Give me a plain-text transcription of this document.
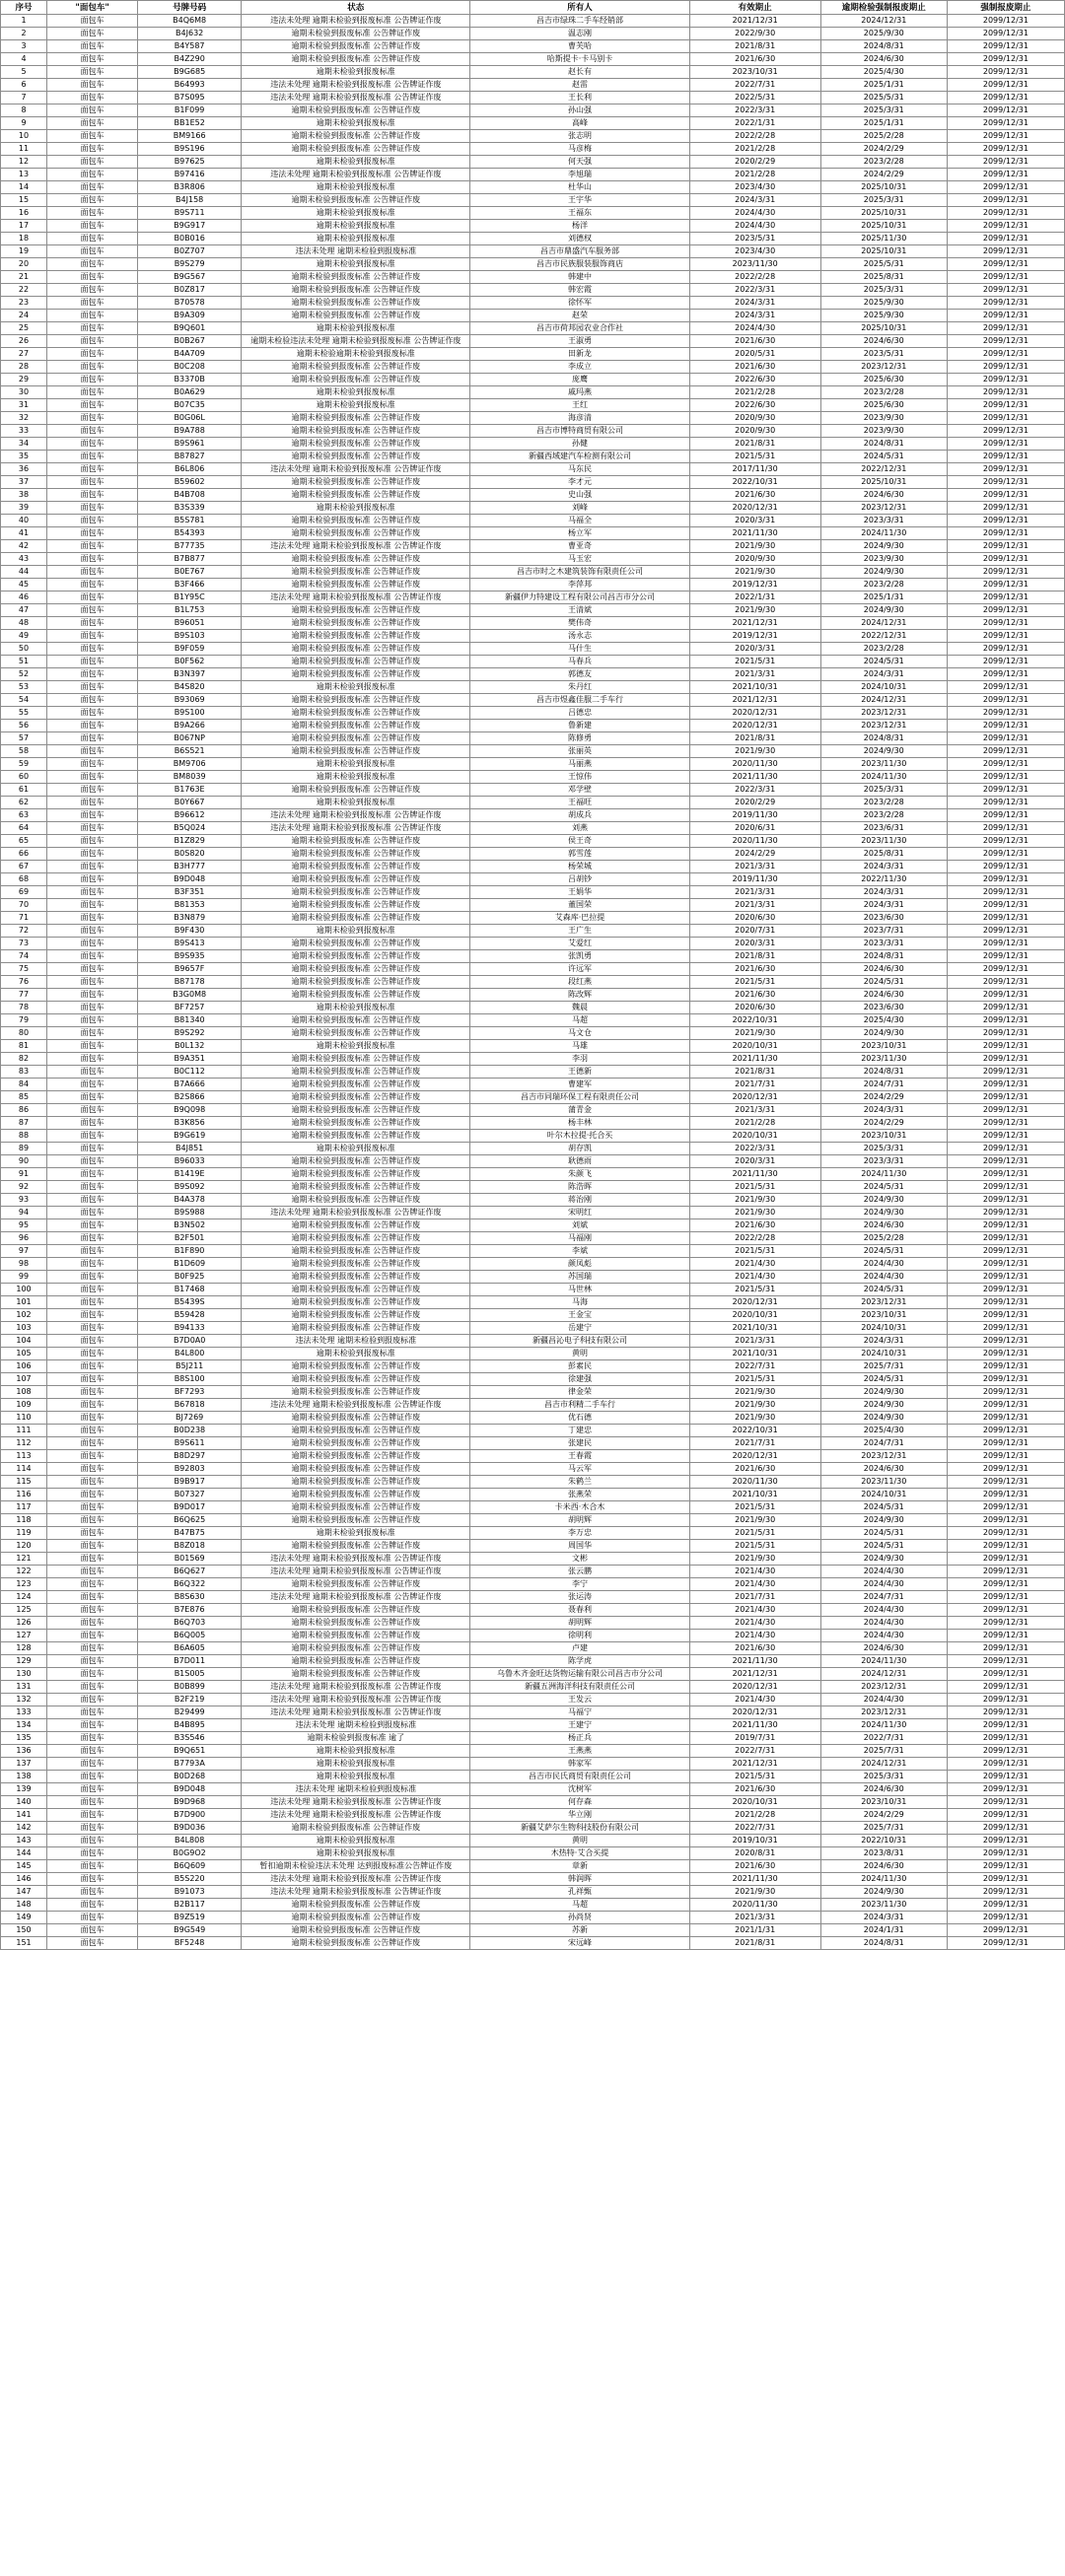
序号	"面包车"	号牌号码	状态	所有人	有效期止	逾期检验强制报废期止	强制报废期止
1	面包车	B4Q6M8	违法未处理 逾期未检验到报废标准 公告牌证作废	昌吉市绿珠二手车经销部	2021/12/31	2024/12/31	2099/12/31
2	面包车	B4J632	逾期未检验到报废标准 公告牌证作废	温志刚	2022/9/30	2025/9/30	2099/12/31
3	面包车	B4Y587	逾期未检验到报废标准 公告牌证作废	曹芙哈	2021/8/31	2024/8/31	2099/12/31
4	面包车	B4Z290	逾期未检验到报废标准 公告牌证作废	哈斯提卡·卡马别卡	2021/6/30	2024/6/30	2099/12/31
5	面包车	B9G685	逾期未检验到报废标准	赵长有	2023/10/31	2025/4/30	2099/12/31
6	面包车	B64993	违法未处理 逾期未检验到报废标准 公告牌证作废	赵雷	2022/7/31	2025/1/31	2099/12/31
7	面包车	B7S095	违法未处理 逾期未检验到报废标准 公告牌证作废	王长利	2022/5/31	2025/5/31	2099/12/31
8	面包车	B1F099	逾期未检验到报废标准 公告牌证作废	孙山强	2022/3/31	2025/3/31	2099/12/31
9	面包车	BB1E52	逾期未检验到报废标准	高峰	2022/1/31	2025/1/31	2099/12/31
10	面包车	BM9166	逾期未检验到报废标准 公告牌证作废	张志明	2022/2/28	2025/2/28	2099/12/31
11	面包车	B9S196	逾期未检验到报废标准 公告牌证作废	马彦梅	2021/2/28	2024/2/29	2099/12/31
12	面包车	B97625	逾期未检验到报废标准	何天强	2020/2/29	2023/2/28	2099/12/31
13	面包车	B97416	违法未处理 逾期未检验到报废标准 公告牌证作废	李旭瑞	2021/2/28	2024/2/29	2099/12/31
14	面包车	B3R806	逾期未检验到报废标准	杜华山	2023/4/30	2025/10/31	2099/12/31
15	面包车	B4J158	逾期未检验到报废标准 公告牌证作废	王宇华	2024/3/31	2025/3/31	2099/12/31
16	面包车	B9S711	逾期未检验到报废标准	王福东	2024/4/30	2025/10/31	2099/12/31
17	面包车	B9G917	逾期未检验到报废标准	杨洋	2024/4/30	2025/10/31	2099/12/31
18	面包车	B0B016	逾期未检验到报废标准	刘德权	2023/5/31	2025/11/30	2099/12/31
19	面包车	B0Z707	违法未处理 逾期未检验到报废标准	昌吉市鼎盛汽车服务部	2023/4/30	2025/10/31	2099/12/31
20	面包车	B9S279	逾期未检验到报废标准	昌吉市民族服装服饰商店	2023/11/30	2025/5/31	2099/12/31
21	面包车	B9G567	逾期未检验到报废标准 公告牌证作废	韩建中	2022/2/28	2025/8/31	2099/12/31
22	面包车	B0Z817	逾期未检验到报废标准 公告牌证作废	韩宏霞	2022/3/31	2025/3/31	2099/12/31
23	面包车	B70578	逾期未检验到报废标准 公告牌证作废	徐怀军	2024/3/31	2025/9/30	2099/12/31
24	面包车	B9A309	逾期未检验到报废标准 公告牌证作废	赵荣	2024/3/31	2025/9/30	2099/12/31
25	面包车	B9Q601	逾期未检验到报废标准	昌吉市荷邦园农业合作社	2024/4/30	2025/10/31	2099/12/31
26	面包车	B0B267	逾期未检验违法未处理 逾期未检验到报废标准 公告牌证作废	王淑勇	2021/6/30	2024/6/30	2099/12/31
27	面包车	B4A709	逾期未检验逾期未检验到报废标准	田新龙	2020/5/31	2023/5/31	2099/12/31
28	面包车	B0C208	逾期未检验到报废标准 公告牌证作废	李成立	2021/6/30	2023/12/31	2099/12/31
29	面包车	B3370B	逾期未检验到报废标准 公告牌证作废	庞鹰	2022/6/30	2025/6/30	2099/12/31
30	面包车	B0A629	逾期未检验到报废标准	戚玛燕	2021/2/28	2023/2/28	2099/12/31
31	面包车	B07C35	逾期未检验到报废标准	王红	2022/6/30	2025/6/30	2099/12/31
32	面包车	B0G06L	逾期未检验到报废标准 公告牌证作废	海彦清	2020/9/30	2023/9/30	2099/12/31
33	面包车	B9A788	逾期未检验到报废标准 公告牌证作废	昌吉市博特商贸有限公司	2020/9/30	2023/9/30	2099/12/31
34	面包车	B9S961	逾期未检验到报废标准 公告牌证作废	孙健	2021/8/31	2024/8/31	2099/12/31
35	面包车	B87827	逾期未检验到报废标准 公告牌证作废	新疆西域建汽车检测有限公司	2021/5/31	2024/5/31	2099/12/31
36	面包车	B6L806	违法未处理 逾期未检验到报废标准 公告牌证作废	马东民	2017/11/30	2022/12/31	2099/12/31
37	面包车	B59602	逾期未检验到报废标准 公告牌证作废	李才元	2022/10/31	2025/10/31	2099/12/31
38	面包车	B4B708	逾期未检验到报废标准 公告牌证作废	史山强	2021/6/30	2024/6/30	2099/12/31
39	面包车	B3S339	逾期未检验到报废标准	刘峰	2020/12/31	2023/12/31	2099/12/31
40	面包车	B5S781	逾期未检验到报废标准 公告牌证作废	马福全	2020/3/31	2023/3/31	2099/12/31
41	面包车	B54393	逾期未检验到报废标准 公告牌证作废	杨立军	2021/11/30	2024/11/30	2099/12/31
42	面包车	B77735	违法未处理 逾期未检验到报废标准 公告牌证作废	曹亚奇	2021/9/30	2024/9/30	2099/12/31
43	面包车	B7B877	逾期未检验到报废标准 公告牌证作废	马玉宏	2020/9/30	2023/9/30	2099/12/31
44	面包车	B0E767	逾期未检验到报废标准 公告牌证作废	昌吉市时之木建筑装饰有限责任公司	2021/9/30	2024/9/30	2099/12/31
45	面包车	B3F466	逾期未检验到报废标准 公告牌证作废	李萍邦	2019/12/31	2023/2/28	2099/12/31
46	面包车	B1Y95C	违法未处理 逾期未检验到报废标准 公告牌证作废	新疆伊力特建设工程有限公司昌吉市分公司	2022/1/31	2025/1/31	2099/12/31
47	面包车	B1L753	逾期未检验到报废标准 公告牌证作废	王清斌	2021/9/30	2024/9/30	2099/12/31
48	面包车	B96051	逾期未检验到报废标准 公告牌证作废	樊伟奇	2021/12/31	2024/12/31	2099/12/31
49	面包车	B9S103	逾期未检验到报废标准 公告牌证作废	汤永志	2019/12/31	2022/12/31	2099/12/31
50	面包车	B9F059	逾期未检验到报废标准 公告牌证作废	马什生	2020/3/31	2023/2/28	2099/12/31
51	面包车	B0F562	逾期未检验到报废标准 公告牌证作废	马春兵	2021/5/31	2024/5/31	2099/12/31
52	面包车	B3N397	逾期未检验到报废标准 公告牌证作废	郭德友	2021/3/31	2024/3/31	2099/12/31
53	面包车	B4S820	逾期未检验到报废标准	朱丹红	2021/10/31	2024/10/31	2099/12/31
54	面包车	B93069	逾期未检验到报废标准 公告牌证作废	昌吉市煜鑫佳服二手车行	2021/12/31	2024/12/31	2099/12/31
55	面包车	B9S100	逾期未检验到报废标准 公告牌证作废	吕德忠	2020/12/31	2023/12/31	2099/12/31
56	面包车	B9A266	逾期未检验到报废标准 公告牌证作废	鲁新建	2020/12/31	2023/12/31	2099/12/31
57	面包车	B067NP	逾期未检验到报废标准 公告牌证作废	陈修勇	2021/8/31	2024/8/31	2099/12/31
58	面包车	B6S521	逾期未检验到报废标准 公告牌证作废	张丽英	2021/9/30	2024/9/30	2099/12/31
59	面包车	BM9706	逾期未检验到报废标准	马丽燕	2020/11/30	2023/11/30	2099/12/31
60	面包车	BM8039	逾期未检验到报废标准	王惊伟	2021/11/30	2024/11/30	2099/12/31
61	面包车	B1763E	逾期未检验到报废标准 公告牌证作废	邓学壁	2022/3/31	2025/3/31	2099/12/31
62	面包车	B0Y667	逾期未检验到报废标准	王福旺	2020/2/29	2023/2/28	2099/12/31
63	面包车	B96612	违法未处理 逾期未检验到报废标准 公告牌证作废	胡成兵	2019/11/30	2023/2/28	2099/12/31
64	面包车	B5Q024	违法未处理 逾期未检验到报废标准 公告牌证作废	刘燕	2020/6/31	2023/6/31	2099/12/31
65	面包车	B1Z829	逾期未检验到报废标准 公告牌证作废	侯王奇	2020/11/30	2023/11/30	2099/12/31
66	面包车	B0S820	逾期未检验到报废标准 公告牌证作废	郭雪莲	2024/2/29	2025/8/31	2099/12/31
67	面包车	B3H777	逾期未检验到报废标准 公告牌证作废	杨荣城	2021/3/31	2024/3/31	2099/12/31
68	面包车	B9D048	逾期未检验到报废标准 公告牌证作废	吕胡钞	2019/11/30	2022/11/30	2099/12/31
69	面包车	B3F351	逾期未检验到报废标准 公告牌证作废	王娟华	2021/3/31	2024/3/31	2099/12/31
70	面包车	B81353	逾期未检验到报废标准 公告牌证作废	董国荣	2021/3/31	2024/3/31	2099/12/31
71	面包车	B3N879	逾期未检验到报废标准 公告牌证作废	艾森库·巴拉提	2020/6/30	2023/6/30	2099/12/31
72	面包车	B9F430	逾期未检验到报废标准	王广生	2020/7/31	2023/7/31	2099/12/31
73	面包车	B9S413	逾期未检验到报废标准 公告牌证作废	艾爱红	2020/3/31	2023/3/31	2099/12/31
74	面包车	B9S935	逾期未检验到报废标准 公告牌证作废	张凯勇	2021/8/31	2024/8/31	2099/12/31
75	面包车	B9657F	逾期未检验到报废标准 公告牌证作废	许远军	2021/6/30	2024/6/30	2099/12/31
76	面包车	B87178	逾期未检验到报废标准 公告牌证作废	段红燕	2021/5/31	2024/5/31	2099/12/31
77	面包车	B3G0M8	逾期未检验到报废标准 公告牌证作废	陈改辉	2021/6/30	2024/6/30	2099/12/31
78	面包车	BF7257	逾期未检验到报废标准	魏晨	2020/6/30	2023/6/30	2099/12/31
79	面包车	B81340	逾期未检验到报废标准 公告牌证作废	马超	2022/10/31	2025/4/30	2099/12/31
80	面包车	B9S292	逾期未检验到报废标准 公告牌证作废	马文仓	2021/9/30	2024/9/30	2099/12/31
81	面包车	B0L132	逾期未检验到报废标准	马雄	2020/10/31	2023/10/31	2099/12/31
82	面包车	B9A351	逾期未检验到报废标准 公告牌证作废	李羽	2021/11/30	2023/11/30	2099/12/31
83	面包车	B0C112	逾期未检验到报废标准 公告牌证作废	王德新	2021/8/31	2024/8/31	2099/12/31
84	面包车	B7A666	逾期未检验到报废标准 公告牌证作废	曹建军	2021/7/31	2024/7/31	2099/12/31
85	面包车	B2S866	逾期未检验到报废标准 公告牌证作废	昌吉市同瑞环保工程有限责任公司	2020/12/31	2024/2/29	2099/12/31
86	面包车	B9Q098	逾期未检验到报废标准 公告牌证作废	蒲青金	2021/3/31	2024/3/31	2099/12/31
87	面包车	B3K856	逾期未检验到报废标准 公告牌证作废	杨丰林	2021/2/28	2024/2/29	2099/12/31
88	面包车	B9G619	逾期未检验到报废标准 公告牌证作废	叶尔木拉提·托合买	2020/10/31	2023/10/31	2099/12/31
89	面包车	B4J851	逾期未检验到报废标准	胡存凯	2022/3/31	2025/3/31	2099/12/31
90	面包车	B96033	逾期未检验到报废标准 公告牌证作废	耿德雨	2020/3/31	2023/3/31	2099/12/31
91	面包车	B1419E	逾期未检验到报废标准 公告牌证作废	朱颜飞	2021/11/30	2024/11/30	2099/12/31
92	面包车	B9S092	逾期未检验到报废标准 公告牌证作废	陈浩晖	2021/5/31	2024/5/31	2099/12/31
93	面包车	B4A378	逾期未检验到报废标准 公告牌证作废	蒋治刚	2021/9/30	2024/9/30	2099/12/31
94	面包车	B9S988	违法未处理 逾期未检验到报废标准 公告牌证作废	宋明红	2021/9/30	2024/9/30	2099/12/31
95	面包车	B3N502	逾期未检验到报废标准 公告牌证作废	刘斌	2021/6/30	2024/6/30	2099/12/31
96	面包车	B2F501	逾期未检验到报废标准 公告牌证作废	马福刚	2022/2/28	2025/2/28	2099/12/31
97	面包车	B1F890	逾期未检验到报废标准 公告牌证作废	李斌	2021/5/31	2024/5/31	2099/12/31
98	面包车	B1D609	逾期未检验到报废标准 公告牌证作废	颜凤彪	2021/4/30	2024/4/30	2099/12/31
99	面包车	B0F925	逾期未检验到报废标准 公告牌证作废	苏国瑞	2021/4/30	2024/4/30	2099/12/31
100	面包车	B17468	逾期未检验到报废标准 公告牌证作废	马世林	2021/5/31	2024/5/31	2099/12/31
101	面包车	B5439S	逾期未检验到报废标准 公告牌证作废	马海	2020/12/31	2023/12/31	2099/12/31
102	面包车	B59428	逾期未检验到报废标准 公告牌证作废	王金宝	2020/10/31	2023/10/31	2099/12/31
103	面包车	B94133	逾期未检验到报废标准 公告牌证作废	岳建宁	2021/10/31	2024/10/31	2099/12/31
104	面包车	B7D0A0	违法未处理 逾期未检验到报废标准	新疆昌沁电子科技有限公司	2021/3/31	2024/3/31	2099/12/31
105	面包车	B4L800	逾期未检验到报废标准	黄明	2021/10/31	2024/10/31	2099/12/31
106	面包车	B5J211	逾期未检验到报废标准 公告牌证作废	彭素民	2022/7/31	2025/7/31	2099/12/31
107	面包车	B8S100	逾期未检验到报废标准 公告牌证作废	徐建强	2021/5/31	2024/5/31	2099/12/31
108	面包车	BF7293	逾期未检验到报废标准 公告牌证作废	律金荣	2021/9/30	2024/9/30	2099/12/31
109	面包车	B67818	违法未处理 逾期未检验到报废标准 公告牌证作废	昌吉市利精二手车行	2021/9/30	2024/9/30	2099/12/31
110	面包车	BJ7269	逾期未检验到报废标准 公告牌证作废	优石德	2021/9/30	2024/9/30	2099/12/31
111	面包车	B0D238	逾期未检验到报废标准 公告牌证作废	丁建忠	2022/10/31	2025/4/30	2099/12/31
112	面包车	B9S611	逾期未检验到报废标准 公告牌证作废	张建民	2021/7/31	2024/7/31	2099/12/31
113	面包车	B8D297	逾期未检验到报废标准 公告牌证作废	王春霞	2020/12/31	2023/12/31	2099/12/31
114	面包车	B92803	逾期未检验到报废标准 公告牌证作废	马云军	2021/6/30	2024/6/30	2099/12/31
115	面包车	B9B917	逾期未检验到报废标准 公告牌证作废	朱鹤兰	2020/11/30	2023/11/30	2099/12/31
116	面包车	B07327	逾期未检验到报废标准 公告牌证作废	张燕荣	2021/10/31	2024/10/31	2099/12/31
117	面包车	B9D017	逾期未检验到报废标准 公告牌证作废	卡米西·木合木	2021/5/31	2024/5/31	2099/12/31
118	面包车	B6Q625	逾期未检验到报废标准 公告牌证作废	胡明辉	2021/9/30	2024/9/30	2099/12/31
119	面包车	B47B75	逾期未检验到报废标准	李万忠	2021/5/31	2024/5/31	2099/12/31
120	面包车	B8Z018	逾期未检验到报废标准 公告牌证作废	周国华	2021/5/31	2024/5/31	2099/12/31
121	面包车	B01569	违法未处理 逾期未检验到报废标准 公告牌证作废	文彬	2021/9/30	2024/9/30	2099/12/31
122	面包车	B6Q627	违法未处理 逾期未检验到报废标准 公告牌证作废	张云鹏	2021/4/30	2024/4/30	2099/12/31
123	面包车	B6Q322	逾期未检验到报废标准 公告牌证作废	李宁	2021/4/30	2024/4/30	2099/12/31
124	面包车	B8S630	违法未处理 逾期未检验到报废标准 公告牌证作废	张运涛	2021/7/31	2024/7/31	2099/12/31
125	面包车	B7E876	逾期未检验到报废标准 公告牌证作废	聂春利	2021/4/30	2024/4/30	2099/12/31
126	面包车	B6Q703	逾期未检验到报废标准 公告牌证作废	胡明辉	2021/4/30	2024/4/30	2099/12/31
127	面包车	B6Q005	逾期未检验到报废标准 公告牌证作废	徐明利	2021/4/30	2024/4/30	2099/12/31
128	面包车	B6A605	逾期未检验到报废标准 公告牌证作废	卢建	2021/6/30	2024/6/30	2099/12/31
129	面包车	B7D011	逾期未检验到报废标准 公告牌证作废	陈学虎	2021/11/30	2024/11/30	2099/12/31
130	面包车	B1S005	逾期未检验到报废标准 公告牌证作废	乌鲁木齐金旺达货物运输有限公司昌吉市分公司	2021/12/31	2024/12/31	2099/12/31
131	面包车	B0B899	违法未处理 逾期未检验到报废标准 公告牌证作废	新疆五洲海洋科技有限责任公司	2020/12/31	2023/12/31	2099/12/31
132	面包车	B2F219	违法未处理 逾期未检验到报废标准 公告牌证作废	王发云	2021/4/30	2024/4/30	2099/12/31
133	面包车	B29499	违法未处理 逾期未检验到报废标准 公告牌证作废	马福宁	2020/12/31	2023/12/31	2099/12/31
134	面包车	B4B895	违法未处理 逾期未检验到报废标准	王建宁	2021/11/30	2024/11/30	2099/12/31
135	面包车	B3S546	逾期未检验到报废标准 逾了	杨正兵	2019/7/31	2022/7/31	2099/12/31
136	面包车	B9Q651	逾期未检验到报废标准	王燕燕	2022/7/31	2025/7/31	2099/12/31
137	面包车	B7793A	逾期未检验到报废标准	韩家军	2021/12/31	2024/12/31	2099/12/31
138	面包车	B0D268	逾期未检验到报废标准	昌吉市民氏商贸有限责任公司	2021/5/31	2025/3/31	2099/12/31
139	面包车	B9D048	违法未处理 逾期未检验到报废标准	沈树军	2021/6/30	2024/6/30	2099/12/31
140	面包车	B9D968	违法未处理 逾期未检验到报废标准 公告牌证作废	何存森	2020/10/31	2023/10/31	2099/12/31
141	面包车	B7D900	违法未处理 逾期未检验到报废标准 公告牌证作废	华立刚	2021/2/28	2024/2/29	2099/12/31
142	面包车	B9D036	逾期未检验到报废标准 公告牌证作废	新疆艾萨尔生物科技股份有限公司	2022/7/31	2025/7/31	2099/12/31
143	面包车	B4L808	逾期未检验到报废标准	黄明	2019/10/31	2022/10/31	2099/12/31
144	面包车	B0G9O2	逾期未检验到报废标准	木热特·艾合买提	2020/8/31	2023/8/31	2099/12/31
145	面包车	B6Q609	暂扣逾期未检验违法未处理 达到报废标准公告牌证作废	章新	2021/6/30	2024/6/30	2099/12/31
146	面包车	B5S220	违法未处理 逾期未检验到报废标准 公告牌证作废	韩润晖	2021/11/30	2024/11/30	2099/12/31
147	面包车	B91073	违法未处理 逾期未检验到报废标准 公告牌证作废	孔祥甄	2021/9/30	2024/9/30	2099/12/31
148	面包车	B2B117	逾期未检验到报废标准 公告牌证作废	马超	2020/11/30	2023/11/30	2099/12/31
149	面包车	B9Z519	逾期未检验到报废标准 公告牌证作废	孙尚贤	2021/3/31	2024/3/31	2099/12/31
150	面包车	B9G549	逾期未检验到报废标准 公告牌证作废	苏新	2021/1/31	2024/1/31	2099/12/31
151	面包车	BF5248	逾期未检验到报废标准 公告牌证作废	宋远峰	2021/8/31	2024/8/31	2099/12/31
